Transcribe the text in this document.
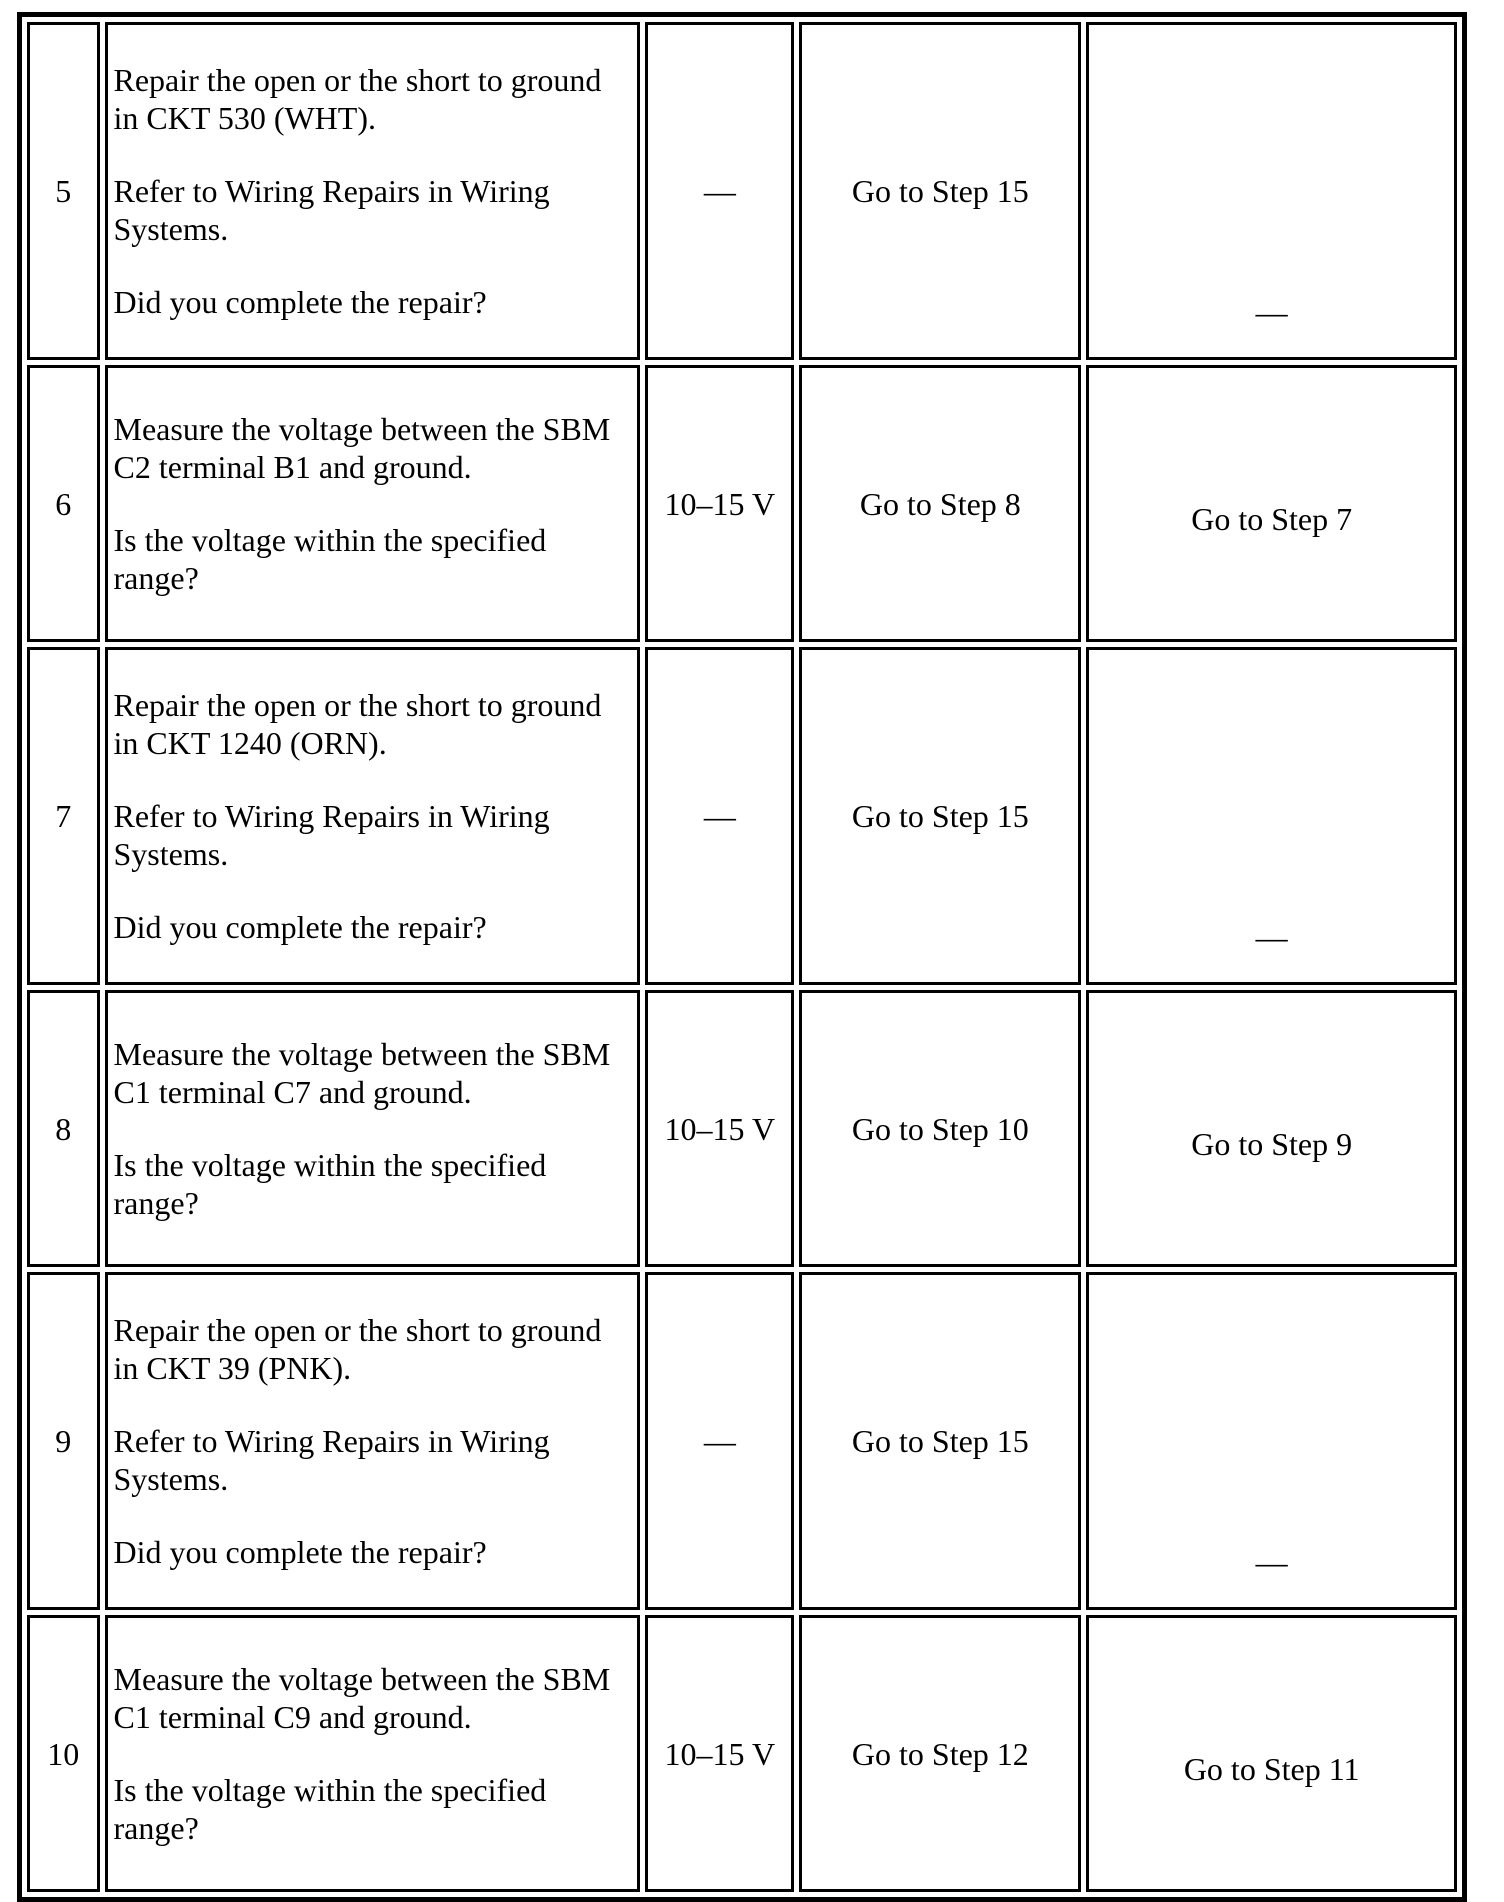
5	Repair the open or the short to ground in CKT 530 (WHT).

Refer to Wiring Repairs in Wiring Systems.

Did you complete the repair?	—	Go to Step 15	—
6	Measure the voltage between the SBM C2 terminal B1 and ground.

Is the voltage within the specified range?	10–15 V	Go to Step 8	Go to Step 7
7	Repair the open or the short to ground in CKT 1240 (ORN).

Refer to Wiring Repairs in Wiring Systems.

Did you complete the repair?	—	Go to Step 15	—
8	Measure the voltage between the SBM C1 terminal C7 and ground.

Is the voltage within the specified range?	10–15 V	Go to Step 10	Go to Step 9
9	Repair the open or the short to ground in CKT 39 (PNK).

Refer to Wiring Repairs in Wiring Systems.

Did you complete the repair?	—	Go to Step 15	—
10	Measure the voltage between the SBM C1 terminal C9 and ground.

Is the voltage within the specified range?	10–15 V	Go to Step 12	Go to Step 11
